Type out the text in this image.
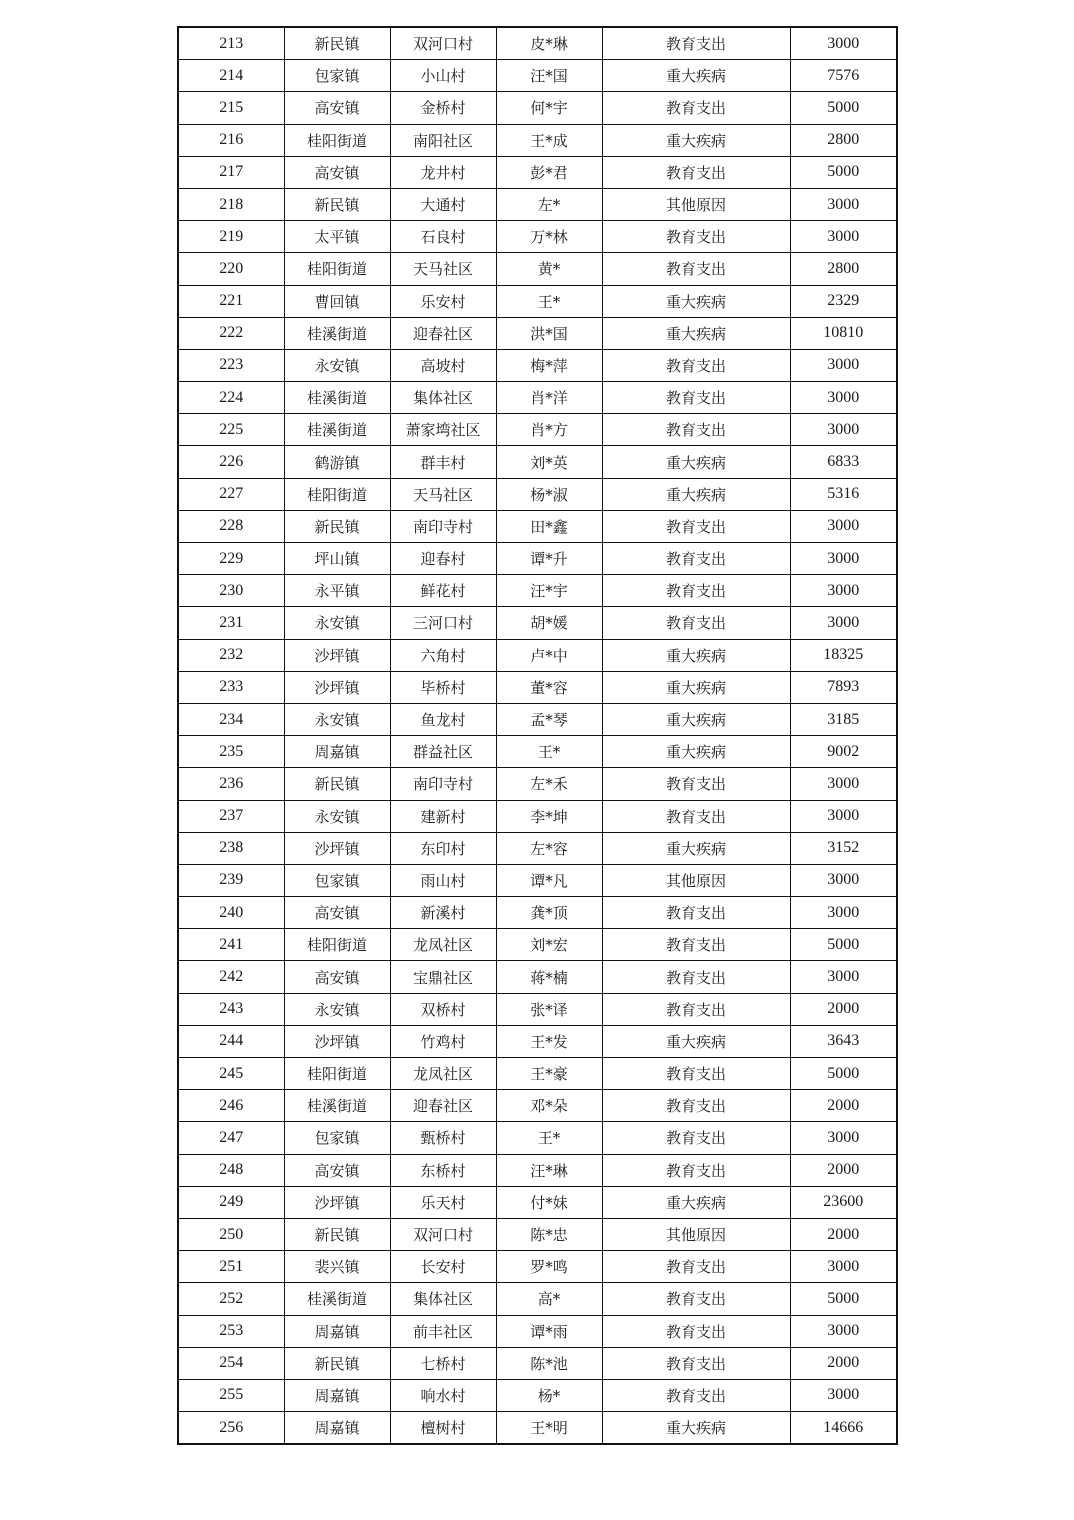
213	新民镇	双河口村	皮*琳	教育支出	3000
214	包家镇	小山村	汪*国	重大疾病	7576
215	高安镇	金桥村	何*宇	教育支出	5000
216	桂阳街道	南阳社区	王*成	重大疾病	2800
217	高安镇	龙井村	彭*君	教育支出	5000
218	新民镇	大通村	左*	其他原因	3000
219	太平镇	石良村	万*林	教育支出	3000
220	桂阳街道	天马社区	黄*	教育支出	2800
221	曹回镇	乐安村	王*	重大疾病	2329
222	桂溪街道	迎春社区	洪*国	重大疾病	10810
223	永安镇	高坡村	梅*萍	教育支出	3000
224	桂溪街道	集体社区	肖*洋	教育支出	3000
225	桂溪街道	萧家塆社区	肖*方	教育支出	3000
226	鹤游镇	群丰村	刘*英	重大疾病	6833
227	桂阳街道	天马社区	杨*淑	重大疾病	5316
228	新民镇	南印寺村	田*鑫	教育支出	3000
229	坪山镇	迎春村	谭*升	教育支出	3000
230	永平镇	鲜花村	汪*宇	教育支出	3000
231	永安镇	三河口村	胡*媛	教育支出	3000
232	沙坪镇	六角村	卢*中	重大疾病	18325
233	沙坪镇	毕桥村	董*容	重大疾病	7893
234	永安镇	鱼龙村	孟*琴	重大疾病	3185
235	周嘉镇	群益社区	王*	重大疾病	9002
236	新民镇	南印寺村	左*禾	教育支出	3000
237	永安镇	建新村	李*坤	教育支出	3000
238	沙坪镇	东印村	左*容	重大疾病	3152
239	包家镇	雨山村	谭*凡	其他原因	3000
240	高安镇	新溪村	龚*顶	教育支出	3000
241	桂阳街道	龙凤社区	刘*宏	教育支出	5000
242	高安镇	宝鼎社区	蒋*楠	教育支出	3000
243	永安镇	双桥村	张*译	教育支出	2000
244	沙坪镇	竹鸡村	王*发	重大疾病	3643
245	桂阳街道	龙凤社区	王*豪	教育支出	5000
246	桂溪街道	迎春社区	邓*朵	教育支出	2000
247	包家镇	甄桥村	王*	教育支出	3000
248	高安镇	东桥村	汪*琳	教育支出	2000
249	沙坪镇	乐天村	付*妹	重大疾病	23600
250	新民镇	双河口村	陈*忠	其他原因	2000
251	裴兴镇	长安村	罗*鸣	教育支出	3000
252	桂溪街道	集体社区	高*	教育支出	5000
253	周嘉镇	前丰社区	谭*雨	教育支出	3000
254	新民镇	七桥村	陈*池	教育支出	2000
255	周嘉镇	响水村	杨*	教育支出	3000
256	周嘉镇	檀树村	王*明	重大疾病	14666
